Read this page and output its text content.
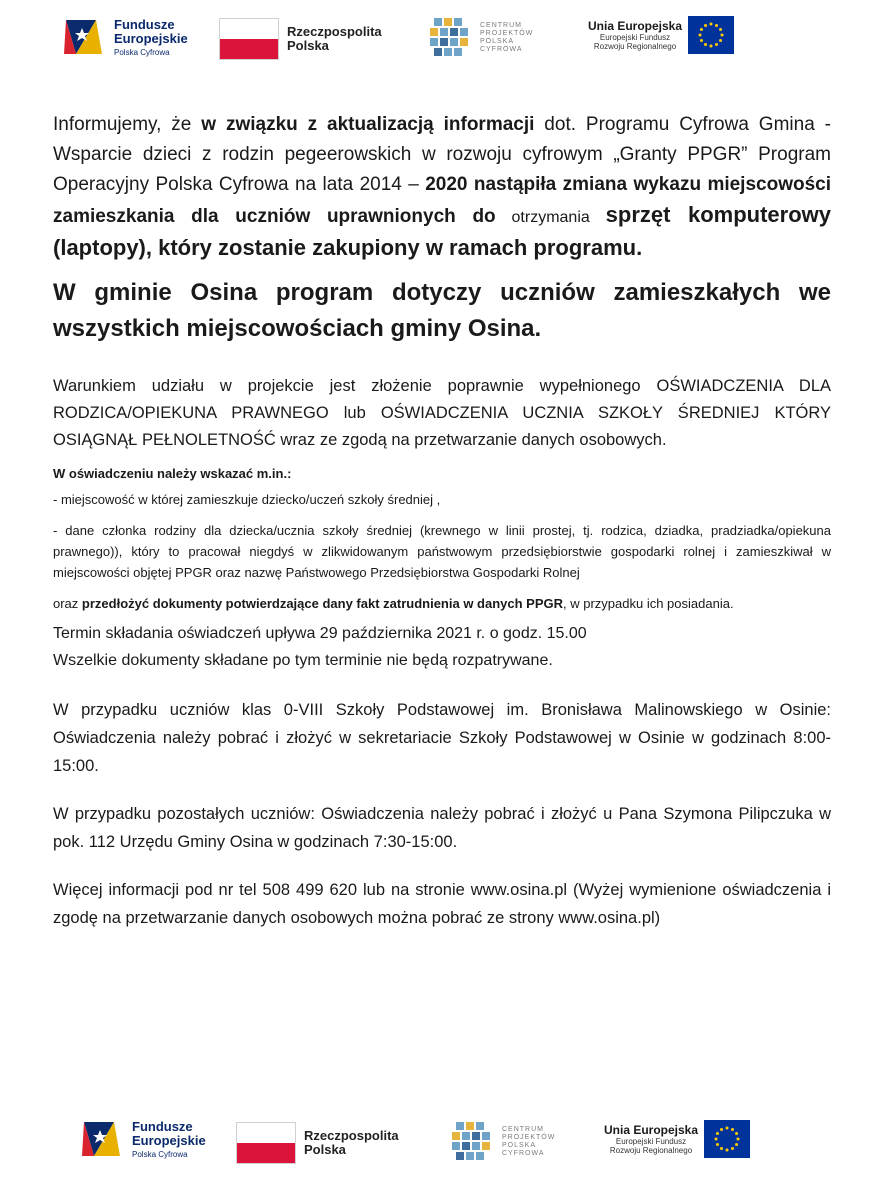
Fundusze
Europejskie
Polska Cyfrowa
Rzeczpospolita
Polska
CENTRUM
PROJEKTÓW
POLSKA
CYFROWA
Unia Europejska
Europejski Fundusz
Rozwoju Regionalnego

Informujemy, że w związku z aktualizacją informacji dot. Programu Cyfrowa Gmina - Wsparcie dzieci z rodzin pegeerowskich w rozwoju cyfrowym „Granty PPGR” Program Operacyjny Polska Cyfrowa na lata 2014 – 2020 nastąpiła zmiana wykazu miejscowości zamieszkania dla uczniów uprawnionych do otrzymania sprzęt komputerowy (laptopy), który zostanie zakupiony w ramach programu.

W gminie Osina program dotyczy uczniów zamieszkałych we wszystkich miejscowościach gminy Osina.

Warunkiem udziału w projekcie jest złożenie poprawnie wypełnionego OŚWIADCZENIA DLA RODZICA/OPIEKUNA PRAWNEGO lub OŚWIADCZENIA UCZNIA SZKOŁY ŚREDNIEJ KTÓRY OSIĄGNĄŁ PEŁNOLETNOŚĆ wraz ze zgodą na przetwarzanie danych osobowych.

W oświadczeniu należy wskazać m.in.:

- miejscowość w której zamieszkuje dziecko/uczeń szkoły średniej ,

- dane członka rodziny dla dziecka/ucznia szkoły średniej (krewnego w linii prostej, tj. rodzica, dziadka, pradziadka/opiekuna prawnego)), który to pracował niegdyś w zlikwidowanym państwowym przedsiębiorstwie gospodarki rolnej i zamieszkiwał w miejscowości objętej PPGR oraz nazwę Państwowego Przedsiębiorstwa Gospodarki Rolnej

oraz przedłożyć dokumenty potwierdzające dany fakt zatrudnienia w danych PPGR, w przypadku ich posiadania.

Termin składania oświadczeń upływa 29 października 2021 r. o godz. 15.00

Wszelkie dokumenty składane po tym terminie nie będą rozpatrywane.

W przypadku uczniów klas 0-VIII Szkoły Podstawowej im. Bronisława Malinowskiego w Osinie: Oświadczenia należy pobrać i złożyć w sekretariacie Szkoły Podstawowej w Osinie w godzinach 8:00-15:00.

W przypadku pozostałych uczniów: Oświadczenia należy pobrać i złożyć u Pana Szymona Pilipczuka w pok. 112 Urzędu Gminy Osina w godzinach 7:30-15:00.

Więcej informacji pod nr tel 508 499 620 lub na stronie www.osina.pl (Wyżej wymienione oświadczenia i zgodę na przetwarzanie danych osobowych można pobrać ze strony www.osina.pl)

Fundusze
Europejskie
Polska Cyfrowa
Rzeczpospolita
Polska
CENTRUM
PROJEKTÓW
POLSKA
CYFROWA
Unia Europejska
Europejski Fundusz
Rozwoju Regionalnego
